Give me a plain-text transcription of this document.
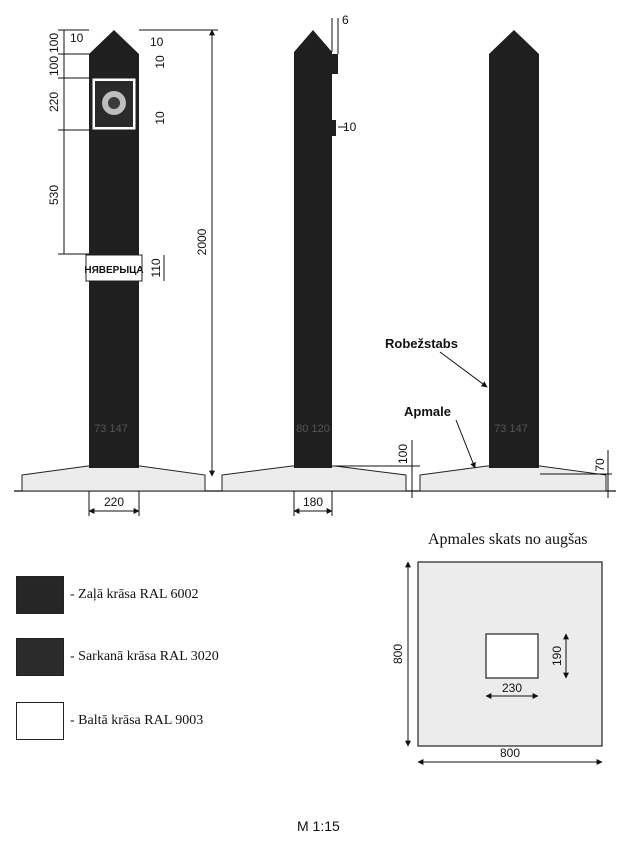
НЯВЕРЫЦА
73 147
100 10	10
100	10
220
10
530
110
2000
220
6
10
80 120
100
180
73 147
Robežstabs
Apmale
70
800
800
190
230
Apmales skats no augšas
- Zaļā krāsa RAL 6002
- Sarkanā krāsa RAL 3020
- Baltā krāsa RAL 9003
M 1:15
